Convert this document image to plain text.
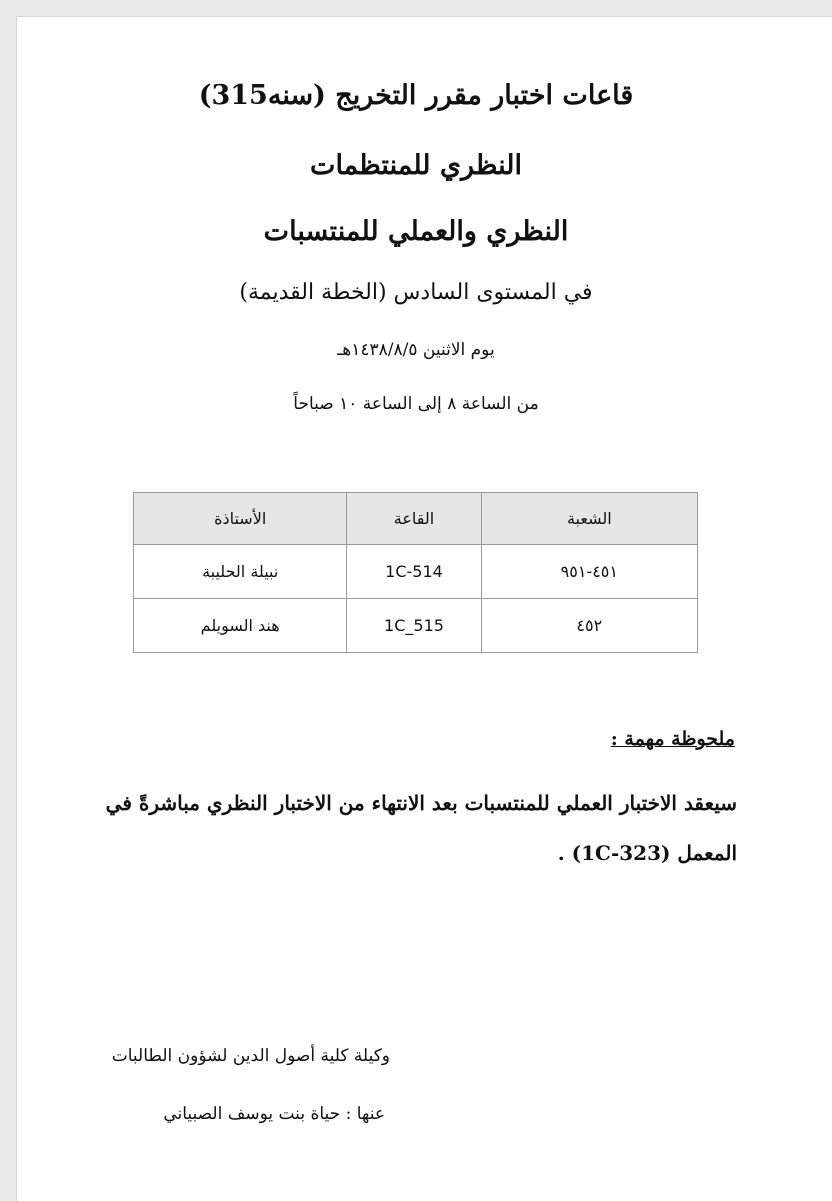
قاعات اختبار مقرر التخريج (سنه315)
النظري للمنتظمات
النظري والعملي للمنتسبات
في المستوى السادس (الخطة القديمة)
يوم الاثنين ١٤٣٨/٨/٥هـ
من الساعة ٨ إلى الساعة ١٠ صباحاً
الشعبة	القاعة	الأستاذة
٤٥١-٩٥١	1C-514	نبيلة الحليبة
٤٥٢	1C_515	هند السويلم
ملحوظة مهمة :
سيعقد الاختبار العملي للمنتسبات بعد الانتهاء من الاختبار النظري مباشرةً في المعمل (1C-323) .
وكيلة كلية أصول الدين لشؤون الطالبات
عنها : حياة بنت يوسف الصبياني
